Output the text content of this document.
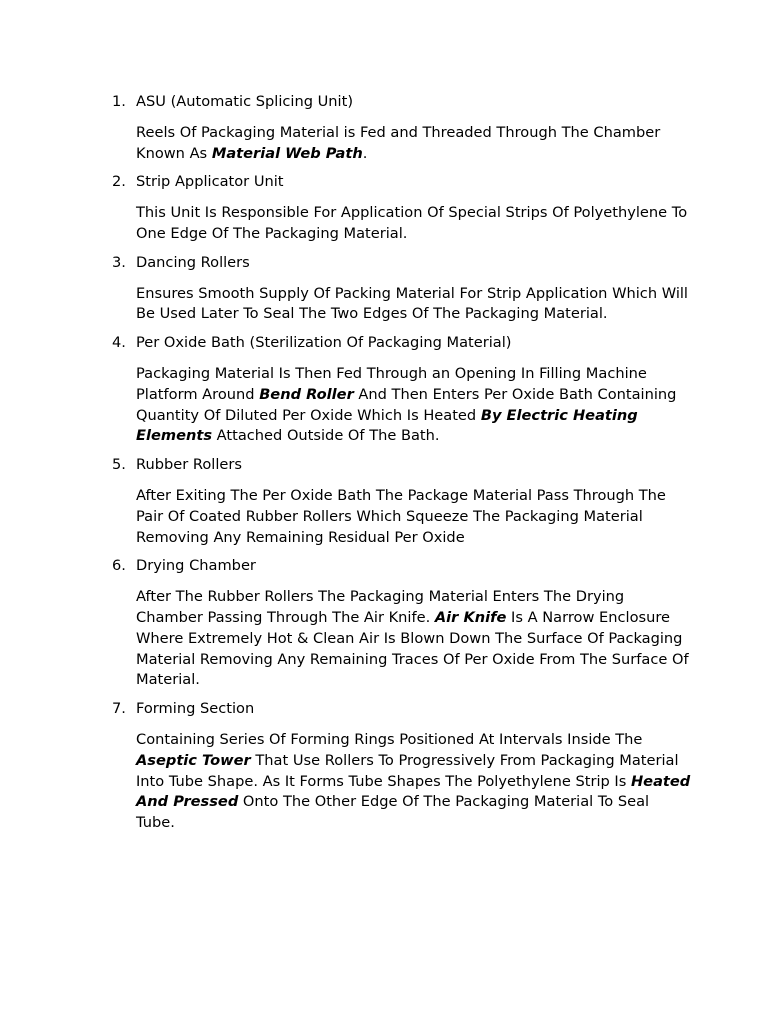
1. ASU (Automatic Splicing Unit)
Reels Of Packaging Material is Fed and Threaded Through The Chamber Known As Material Web Path.
2. Strip Applicator Unit
This Unit Is Responsible For Application Of Special Strips Of Polyethylene To One Edge Of The Packaging Material.
3. Dancing Rollers
Ensures Smooth Supply Of Packing Material For Strip Application Which Will Be Used Later To Seal The Two Edges Of The Packaging Material.
4. Per Oxide Bath (Sterilization Of Packaging Material)
Packaging Material Is Then Fed Through an Opening In Filling Machine Platform Around Bend Roller And Then Enters Per Oxide Bath Containing Quantity Of Diluted Per Oxide Which Is Heated By Electric Heating Elements Attached Outside Of The Bath.
5. Rubber Rollers
After Exiting The Per Oxide Bath The Package Material Pass Through The Pair Of Coated Rubber Rollers Which Squeeze The Packaging Material Removing Any Remaining Residual Per Oxide
6. Drying Chamber
After The Rubber Rollers The Packaging Material Enters The Drying Chamber Passing Through The Air Knife. Air Knife Is A Narrow Enclosure Where Extremely Hot & Clean Air Is Blown Down The Surface Of Packaging Material Removing Any Remaining Traces Of Per Oxide From The Surface Of Material.
7. Forming Section
Containing Series Of Forming Rings Positioned At Intervals Inside The Aseptic Tower That Use Rollers To Progressively From Packaging Material Into Tube Shape. As It Forms Tube Shapes The Polyethylene Strip Is Heated And Pressed Onto The Other Edge Of The Packaging Material To Seal Tube.
